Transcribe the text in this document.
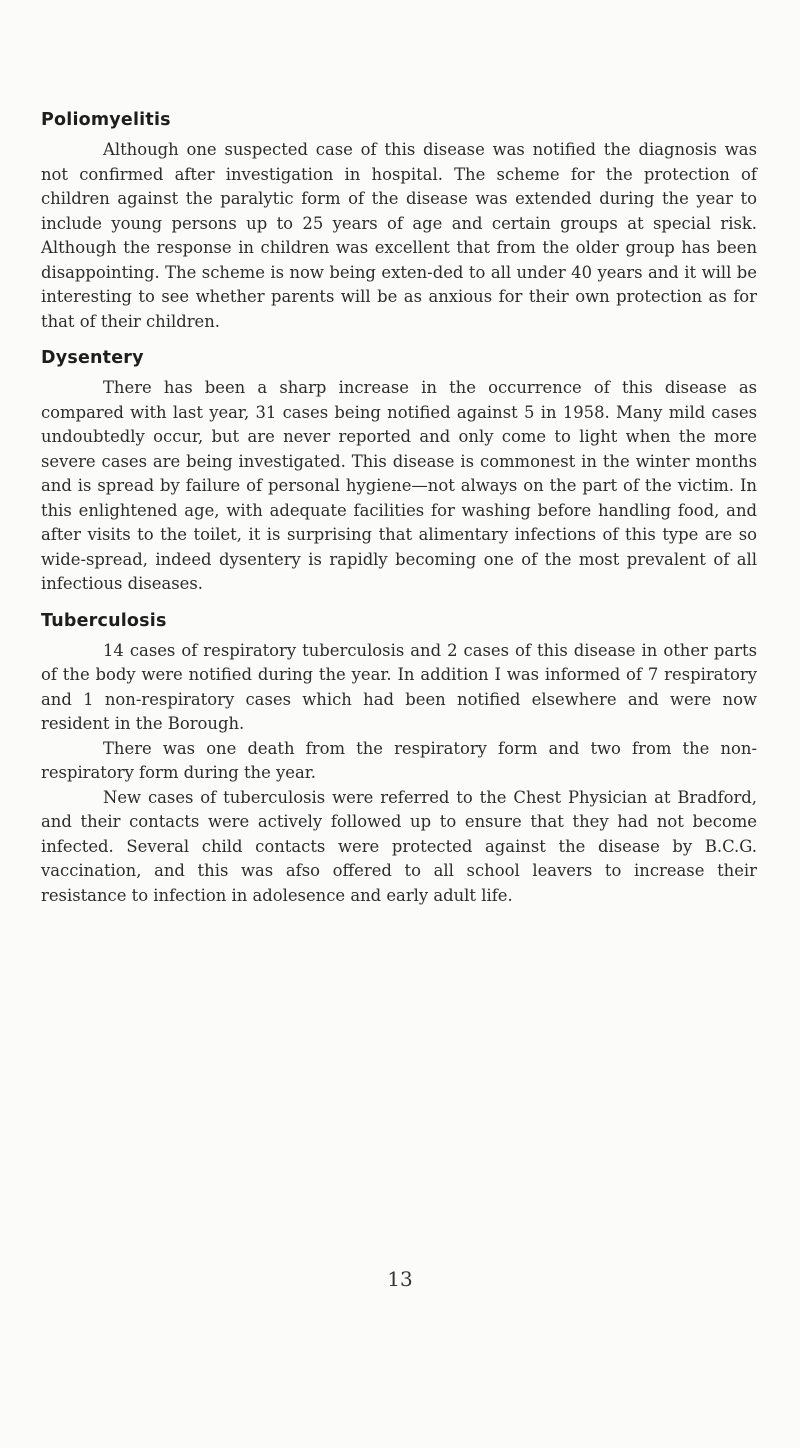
Poliomyelitis

Although one suspected case of this disease was notified the diagnosis was not confirmed after investigation in hospital. The scheme for the protection of children against the paralytic form of the disease was extended during the year to include young persons up to 25 years of age and certain groups at special risk. Although the response in children was excellent that from the older group has been disappointing. The scheme is now being exten-ded to all under 40 years and it will be interesting to see whether parents will be as anxious for their own protection as for that of their children.

Dysentery

There has been a sharp increase in the occurrence of this disease as compared with last year, 31 cases being notified against 5 in 1958. Many mild cases undoubtedly occur, but are never reported and only come to light when the more severe cases are being investigated. This disease is commonest in the winter months and is spread by failure of personal hygiene—not always on the part of the victim. In this enlightened age, with adequate facilities for washing before handling food, and after visits to the toilet, it is surprising that alimentary infections of this type are so wide-spread, indeed dysentery is rapidly becoming one of the most prevalent of all infectious diseases.

Tuberculosis

14 cases of respiratory tuberculosis and 2 cases of this disease in other parts of the body were notified during the year. In addition I was informed of 7 respiratory and 1 non-respiratory cases which had been notified elsewhere and were now resident in the Borough.

There was one death from the respiratory form and two from the non-respiratory form during the year.

New cases of tuberculosis were referred to the Chest Physician at Bradford, and their contacts were actively followed up to ensure that they had not become infected. Several child contacts were protected against the disease by B.C.G. vaccination, and this was afso offered to all school leavers to increase their resistance to infection in adolesence and early adult life.

13
